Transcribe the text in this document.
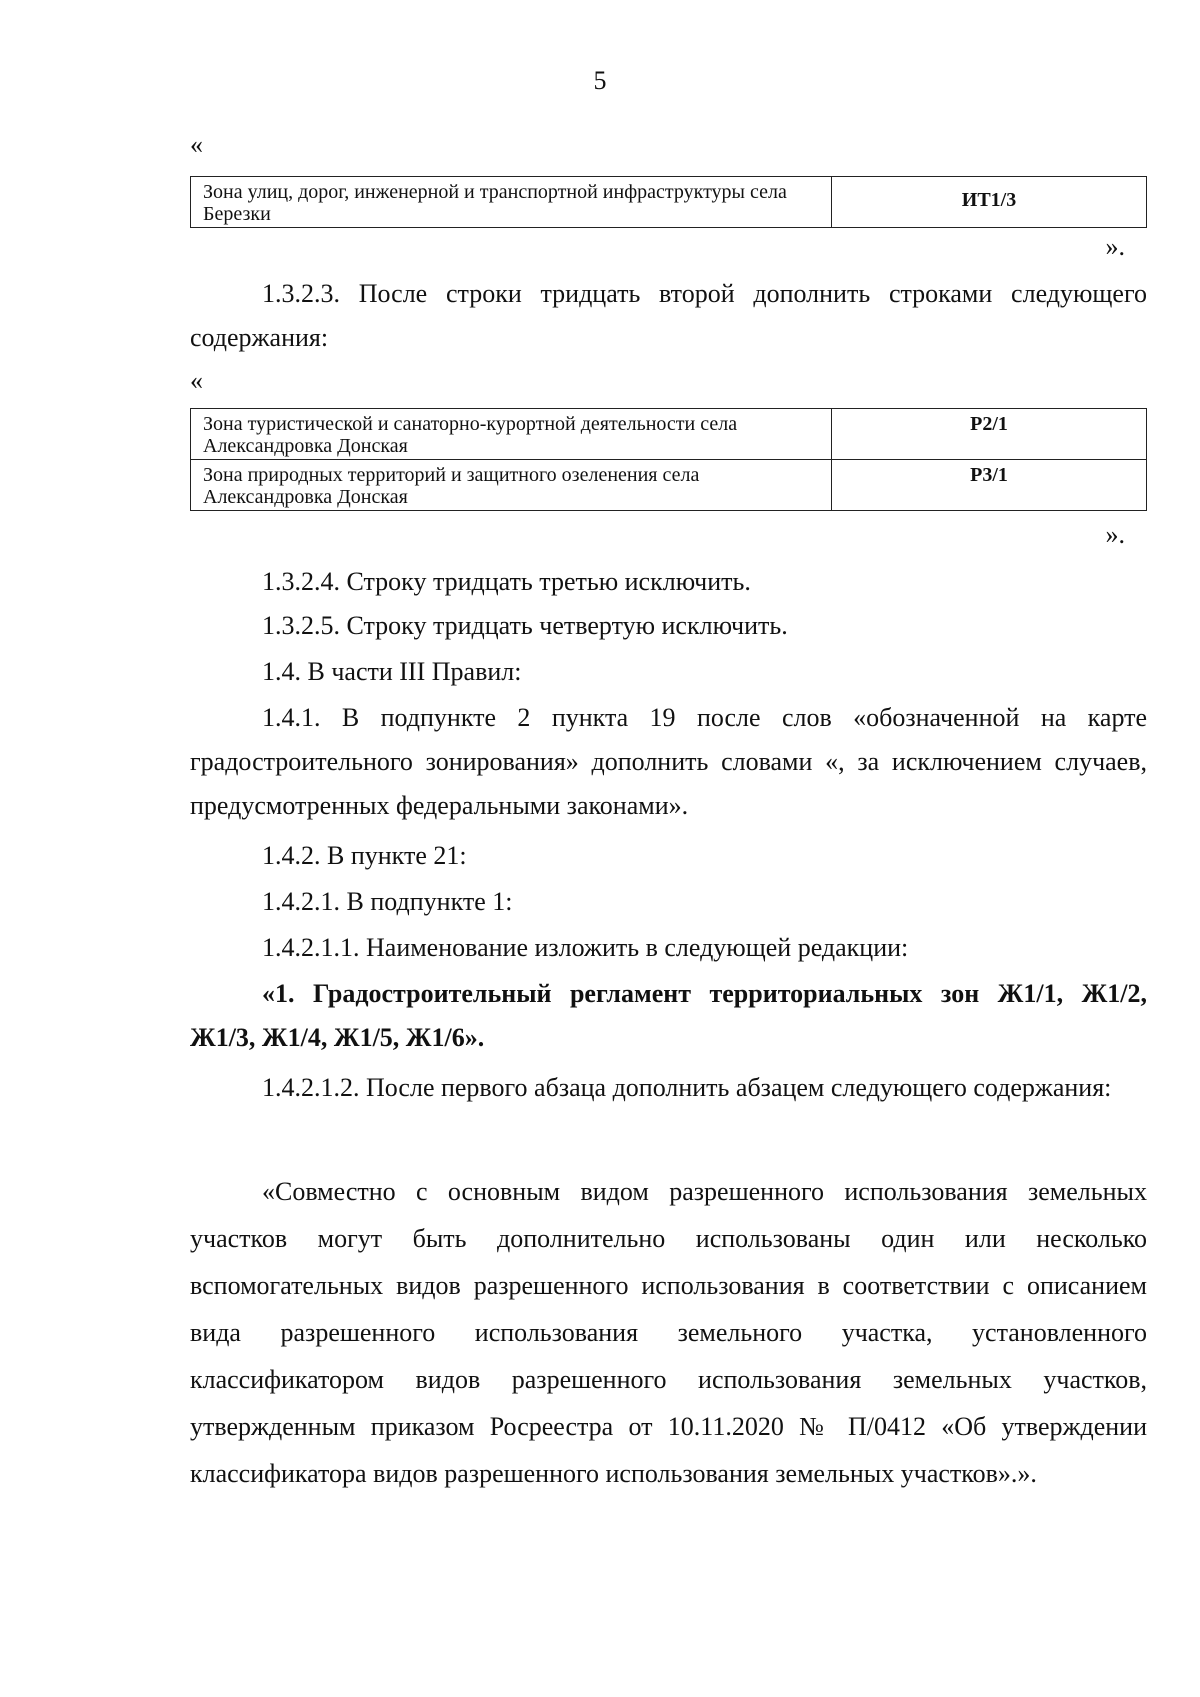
5
«
Зона улиц, дорог, инженерной и транспортной инфраструктуры села Березки	ИТ1/3
».
1.3.2.3. После строки тридцать второй дополнить строками следующего содержания:
«
Зона туристической и санаторно-курортной деятельности села Александровка Донская	Р2/1
Зона природных территорий и защитного озеленения села Александровка Донская	Р3/1
».
1.3.2.4. Строку тридцать третью исключить.
1.3.2.5. Строку тридцать четвертую исключить.
1.4. В части III Правил:
1.4.1. В подпункте 2 пункта 19 после слов «обозначенной на карте градостроительного зонирования» дополнить словами «, за исключением случаев, предусмотренных федеральными законами».
1.4.2. В пункте 21:
1.4.2.1. В подпункте 1:
1.4.2.1.1. Наименование изложить в следующей редакции:
«1. Градостроительный регламент территориальных зон Ж1/1, Ж1/2, Ж1/3, Ж1/4, Ж1/5, Ж1/6».
1.4.2.1.2. После первого абзаца дополнить абзацем следующего содержания:
«Совместно с основным видом разрешенного использования земельных участков могут быть дополнительно использованы один или несколько вспомогательных видов разрешенного использования в соответствии с описанием вида разрешенного использования земельного участка, установленного классификатором видов разрешенного использования земельных участков, утвержденным приказом Росреестра от 10.11.2020 № П/0412 «Об утверждении классификатора видов разрешенного использования земельных участков».».
